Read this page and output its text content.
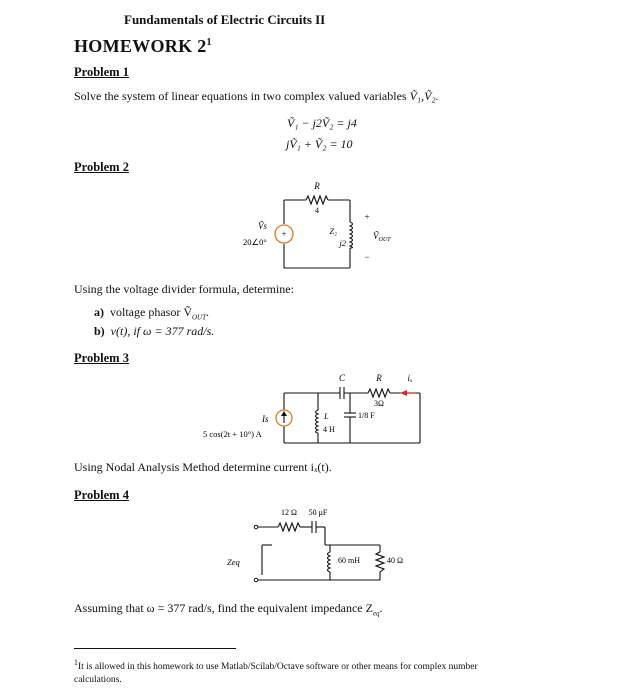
Fundamentals of Electric Circuits II
HOMEWORK $2^1$
Problem 1
Solve the system of linear equations in two complex valued variables Ṽ₁,Ṽ₂.
Ṽ₁ − j2Ṽ₂ = j4
jṼ₁ + Ṽ₂ = 10
Problem 2
+
R
4
Ṽs
20∠0°
Z₂
j2
+
Ṽ$_{OUT}$
−
C	R	iₓ
3Ω
L
4 H
1/8 F
Is
5 cos(2t + 10°) A
12 Ω 50 μF
Zeq	60 mH	40 Ω
Using the voltage divider formula, determine:
a) voltage phasor Ṽ$_{OUT}$.
b) v(t), if ω = 377 rad/s.
Problem 3
Using Nodal Analysis Method determine current iₓ(t).
Problem 4
Assuming that ω = 377 rad/s, find the equivalent impedance $Z_{eq}$.
$^1$It is allowed in this homework to use Matlab/Scilab/Octave software or other means for complex number calculations.
